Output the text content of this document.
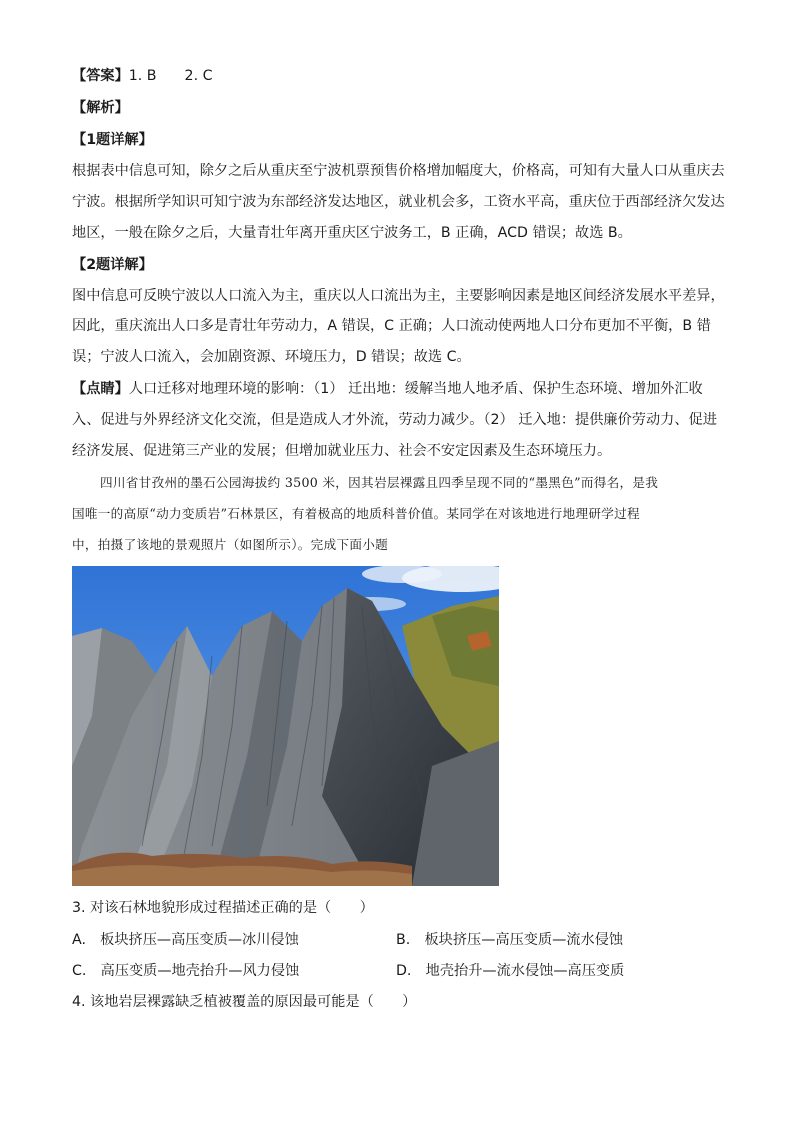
【答案】1. B 2. C
【解析】
【1题详解】
根据表中信息可知，除夕之后从重庆至宁波机票预售价格增加幅度大，价格高，可知有大量人口从重庆去
宁波。根据所学知识可知宁波为东部经济发达地区，就业机会多，工资水平高，重庆位于西部经济欠发达
地区，一般在除夕之后，大量青壮年离开重庆区宁波务工，B 正确，ACD 错误；故选 B。
【2题详解】
图中信息可反映宁波以人口流入为主，重庆以人口流出为主，主要影响因素是地区间经济发展水平差异，
因此，重庆流出人口多是青壮年劳动力，A 错误，C 正确；人口流动使两地人口分布更加不平衡，B 错
误；宁波人口流入，会加剧资源、环境压力，D 错误；故选 C。
【点睛】人口迁移对地理环境的影响：（1） 迁出地：缓解当地人地矛盾、保护生态环境、增加外汇收
入、促进与外界经济文化交流，但是造成人才外流，劳动力减少。（2） 迁入地：提供廉价劳动力、促进
经济发展、促进第三产业的发展；但增加就业压力、社会不安定因素及生态环境压力。
四川省甘孜州的墨石公园海拔约 3500 米，因其岩层裸露且四季呈现不同的“墨黑色”而得名，是我
国唯一的高原“动力变质岩”石林景区，有着极高的地质科普价值。某同学在对该地进行地理研学过程
中，拍摄了该地的景观照片（如图所示）。完成下面小题
3. 对该石林地貌形成过程描述正确的是（　　）
A.  板块挤压—高压变质—冰川侵蚀	B.  板块挤压—高压变质—流水侵蚀
C.  高压变质—地壳抬升—风力侵蚀	D.  地壳抬升—流水侵蚀—高压变质
4. 该地岩层裸露缺乏植被覆盖的原因最可能是（　　）
